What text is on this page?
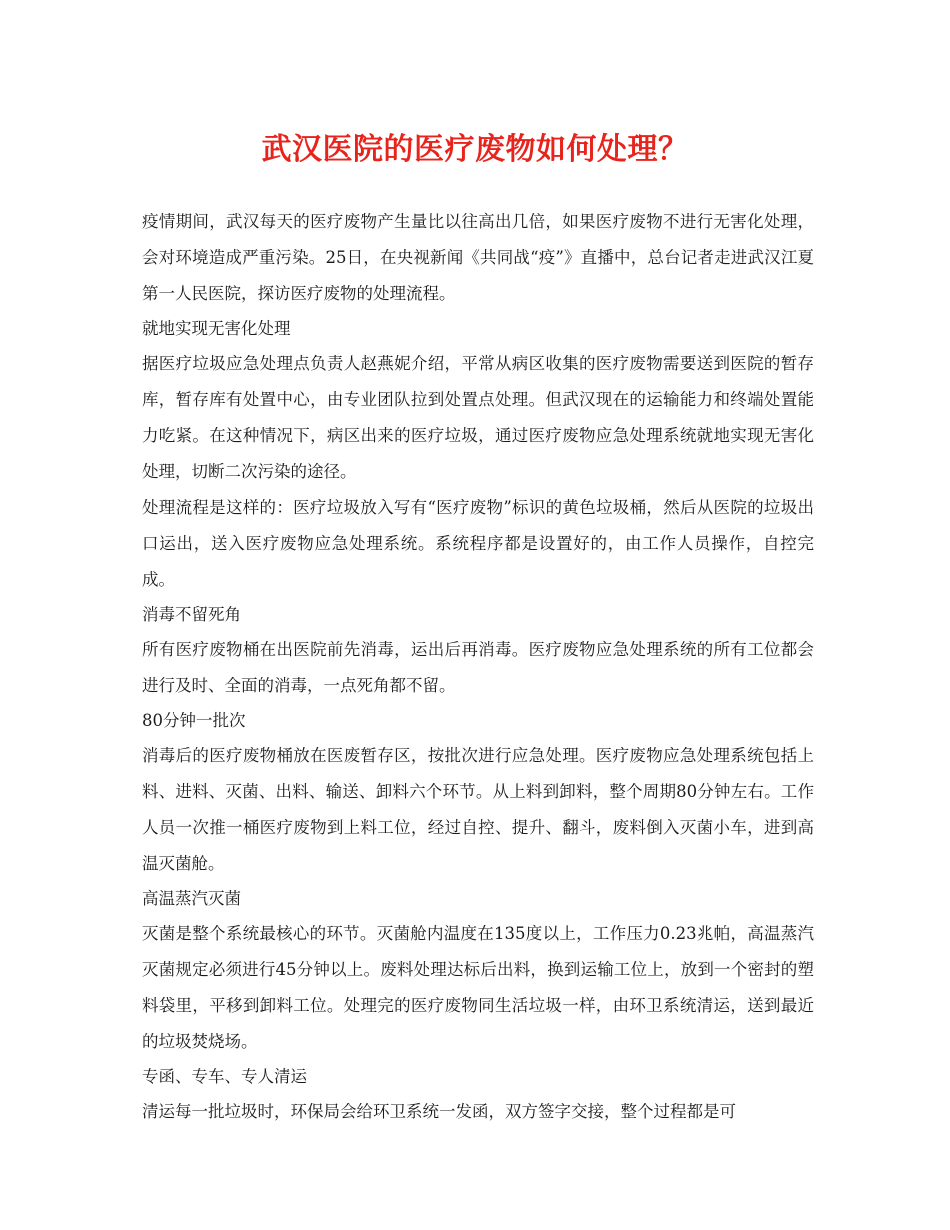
武汉医院的医疗废物如何处理？

疫情期间，武汉每天的医疗废物产生量比以往高出几倍，如果医疗废物不进行无害化处理，会对环境造成严重污染。25日，在央视新闻《共同战“疫”》直播中，总台记者走进武汉江夏第一人民医院，探访医疗废物的处理流程。

就地实现无害化处理

据医疗垃圾应急处理点负责人赵燕妮介绍，平常从病区收集的医疗废物需要送到医院的暂存库，暂存库有处置中心，由专业团队拉到处置点处理。但武汉现在的运输能力和终端处置能力吃紧。在这种情况下，病区出来的医疗垃圾，通过医疗废物应急处理系统就地实现无害化处理，切断二次污染的途径。

处理流程是这样的：医疗垃圾放入写有“医疗废物”标识的黄色垃圾桶，然后从医院的垃圾出口运出，送入医疗废物应急处理系统。系统程序都是设置好的，由工作人员操作，自控完成。

消毒不留死角

所有医疗废物桶在出医院前先消毒，运出后再消毒。医疗废物应急处理系统的所有工位都会进行及时、全面的消毒，一点死角都不留。

80分钟一批次

消毒后的医疗废物桶放在医废暂存区，按批次进行应急处理。医疗废物应急处理系统包括上料、进料、灭菌、出料、输送、卸料六个环节。从上料到卸料，整个周期80分钟左右。工作人员一次推一桶医疗废物到上料工位，经过自控、提升、翻斗，废料倒入灭菌小车，进到高温灭菌舱。

高温蒸汽灭菌

灭菌是整个系统最核心的环节。灭菌舱内温度在135度以上，工作压力0.23兆帕，高温蒸汽灭菌规定必须进行45分钟以上。废料处理达标后出料，换到运输工位上，放到一个密封的塑料袋里，平移到卸料工位。处理完的医疗废物同生活垃圾一样，由环卫系统清运，送到最近的垃圾焚烧场。

专函、专车、专人清运

清运每一批垃圾时，环保局会给环卫系统一发函，双方签字交接，整个过程都是可
